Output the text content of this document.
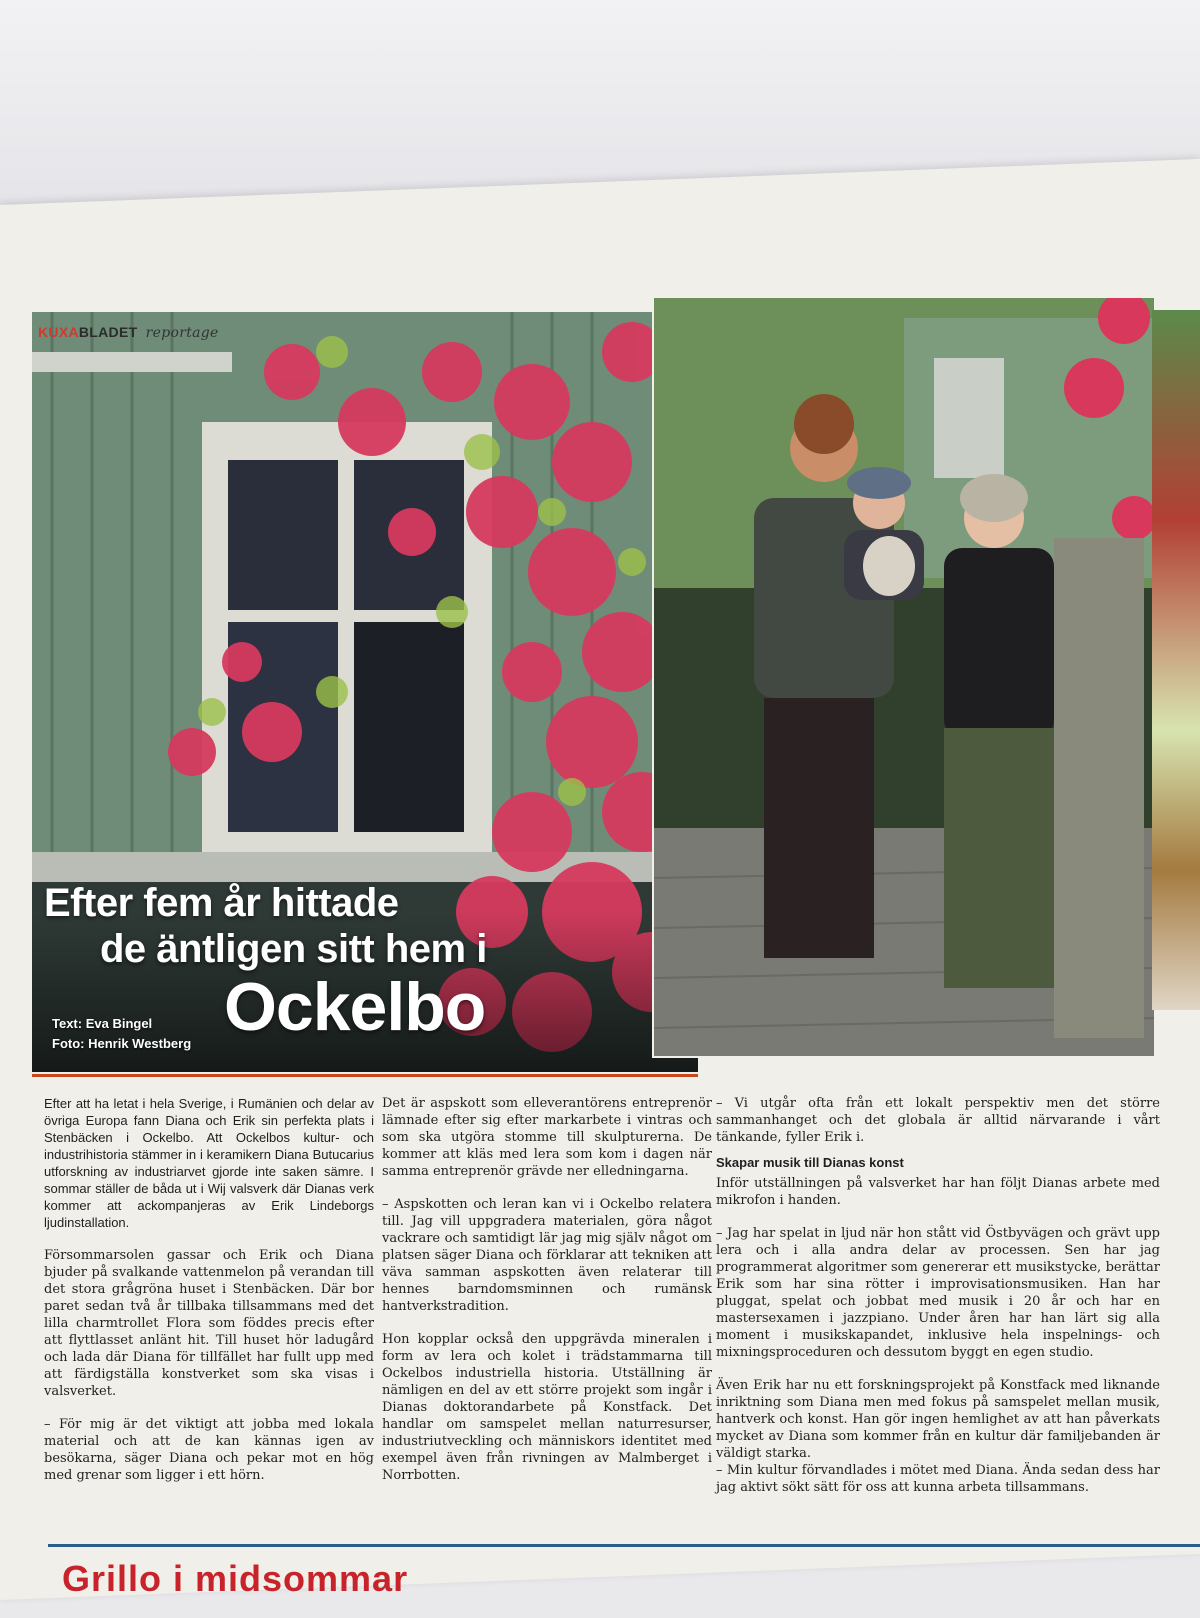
KUXABLADET reportage
Efter fem år hittade
de äntligen sitt hem i
Ockelbo
Text: Eva Bingel
Foto: Henrik Westberg

Efter att ha letat i hela Sverige, i Rumänien och delar av övriga Europa fann Diana och Erik sin perfekta plats i Stenbäcken i Ockelbo. Att Ockelbos kultur- och industrihistoria stämmer in i keramikern Diana Butucarius utforskning av industriarvet gjorde inte saken sämre. I sommar ställer de båda ut i Wij valsverk där Dianas verk kommer att ackompanjeras av Erik Lindeborgs ljudinstallation.

Försommarsolen gassar och Erik och Diana bjuder på svalkande vattenmelon på verandan till det stora grågröna huset i Stenbäcken. Där bor paret sedan två år tillbaka tillsammans med det lilla charmtrollet Flora som föddes precis efter att flyttlasset anlänt hit. Till huset hör ladugård och lada där Diana för tillfället har fullt upp med att färdigställa konstverket som ska visas i valsverket.

– För mig är det viktigt att jobba med lokala material och att de kan kännas igen av besökarna, säger Diana och pekar mot en hög med grenar som ligger i ett hörn.

Det är aspskott som elleverantörens entreprenör lämnade efter sig efter markarbete i vintras och som ska utgöra stomme till skulpturerna. De kommer att kläs med lera som kom i dagen när samma entreprenör grävde ner elledningarna.

– Aspskotten och leran kan vi i Ockelbo relatera till. Jag vill uppgradera materialen, göra något vackrare och samtidigt lär jag mig själv något om platsen säger Diana och förklarar att tekniken att väva samman aspskotten även relaterar till hennes barndomsminnen och rumänsk hantverkstradition.

Hon kopplar också den uppgrävda mineralen i form av lera och kolet i trädstammarna till Ockelbos industriella historia. Utställning är nämligen en del av ett större projekt som ingår i Dianas doktorandarbete på Konstfack. Det handlar om samspelet mellan naturresurser, industriutveckling och människors identitet med exempel även från rivningen av Malmberget i Norrbotten.

– Vi utgår ofta från ett lokalt perspektiv men det större sammanhanget och det globala är alltid närvarande i vårt tänkande, fyller Erik i.

Skapar musik till Dianas konst

Inför utställningen på valsverket har han följt Dianas arbete med mikrofon i handen.

– Jag har spelat in ljud när hon stått vid Östbyvägen och grävt upp lera och i alla andra delar av processen. Sen har jag programmerat algoritmer som genererar ett musikstycke, berättar Erik som har sina rötter i improvisationsmusiken. Han har pluggat, spelat och jobbat med musik i 20 år och har en mastersexamen i jazzpiano. Under åren har han lärt sig alla moment i musikskapandet, inklusive hela inspelnings- och mixningsproceduren och dessutom byggt en egen studio.

Även Erik har nu ett forskningsprojekt på Konstfack med liknande inriktning som Diana men med fokus på samspelet mellan musik, hantverk och konst. Han gör ingen hemlighet av att han påverkats mycket av Diana som kommer från en kultur där familjebanden är väldigt starka.

– Min kultur förvandlades i mötet med Diana. Ända sedan dess har jag aktivt sökt sätt för oss att kunna arbeta tillsammans.

Grillo i midsommar
